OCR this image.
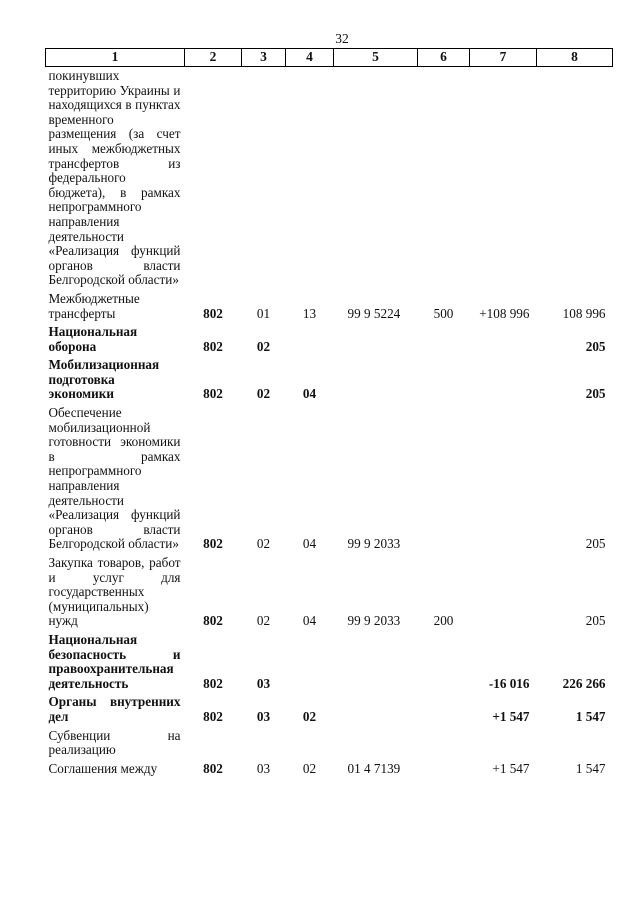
32
1	2	3	4	5	6	7	8
покинувших территорию Украины и находящихся в пунктах временного размещения (за счет иных межбюджетных трансфертов из федерального бюджета), в рамках непрограммного направления деятельности «Реализация функций органов власти Белгородской области»							
Межбюджетные трансферты	802	01	13	99 9 5224	500	+108 996	108 996
Национальная оборона	802	02					205
Мобилизационная подготовка экономики	802	02	04				205
Обеспечение мобилизационной готовности экономики в рамках непрограммного направления деятельности «Реализация функций органов власти Белгородской области»	802	02	04	99 9 2033			205
Закупка товаров, работ и услуг для государственных (муниципальных) нужд	802	02	04	99 9 2033	200		205
Национальная безопасность и правоохранительная деятельность	802	03				-16 016	226 266
Органы внутренних дел	802	03	02			+1 547	1 547
Субвенции на реализацию							
Соглашения между	802	03	02	01 4 7139		+1 547	1 547
